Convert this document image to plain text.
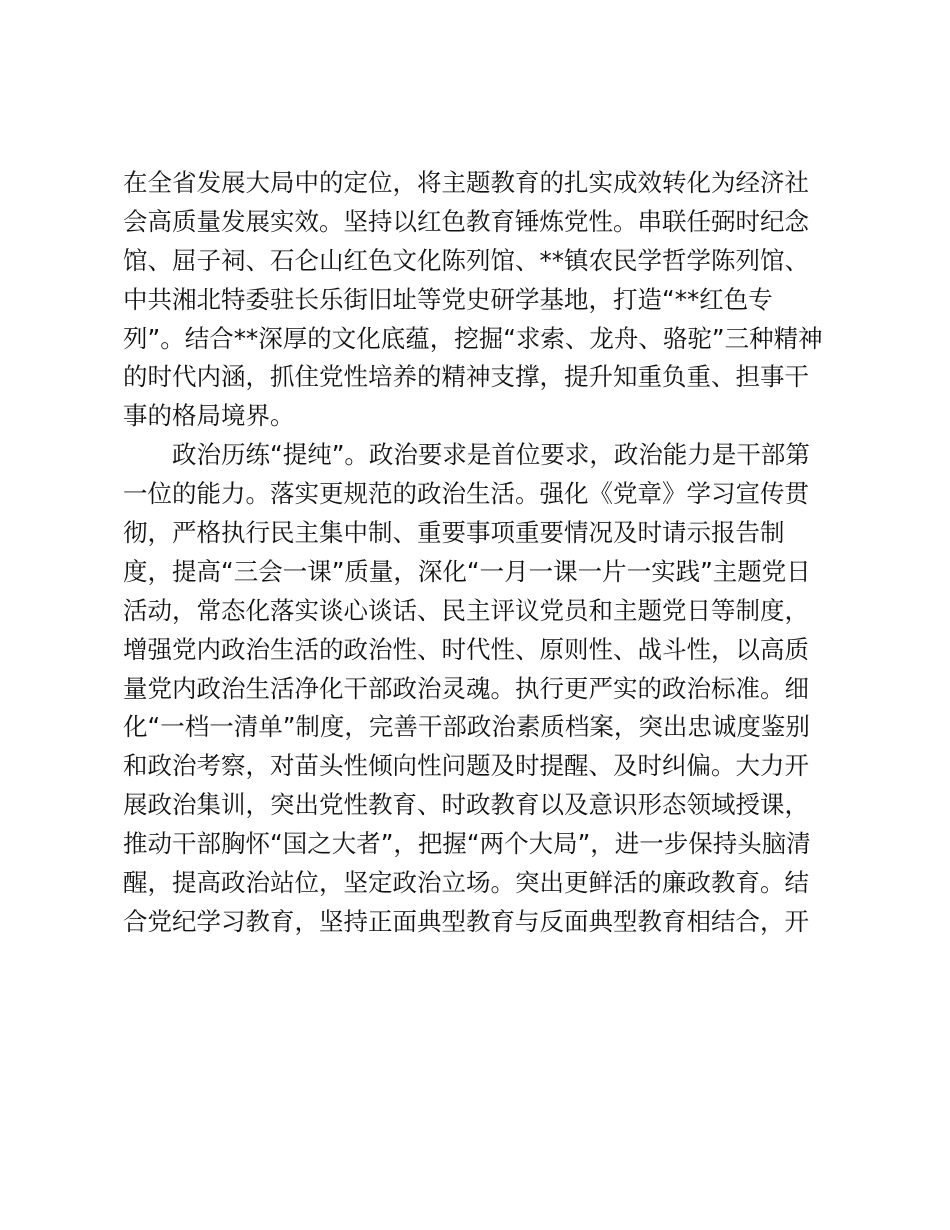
在全省发展大局中的定位，将主题教育的扎实成效转化为经济社
会高质量发展实效。坚持以红色教育锤炼党性。串联任弼时纪念
馆、屈子祠、石仑山红色文化陈列馆、**镇农民学哲学陈列馆、
中共湘北特委驻长乐街旧址等党史研学基地，打造“**红色专
列”。结合**深厚的文化底蕴，挖掘“求索、龙舟、骆驼”三种精神
的时代内涵，抓住党性培养的精神支撑，提升知重负重、担事干
事的格局境界。
政治历练“提纯”。政治要求是首位要求，政治能力是干部第
一位的能力。落实更规范的政治生活。强化《党章》学习宣传贯
彻，严格执行民主集中制、重要事项重要情况及时请示报告制
度，提高“三会一课”质量，深化“一月一课一片一实践”主题党日
活动，常态化落实谈心谈话、民主评议党员和主题党日等制度，
增强党内政治生活的政治性、时代性、原则性、战斗性，以高质
量党内政治生活净化干部政治灵魂。执行更严实的政治标准。细
化“一档一清单”制度，完善干部政治素质档案，突出忠诚度鉴别
和政治考察，对苗头性倾向性问题及时提醒、及时纠偏。大力开
展政治集训，突出党性教育、时政教育以及意识形态领域授课，
推动干部胸怀“国之大者”，把握“两个大局”，进一步保持头脑清
醒，提高政治站位，坚定政治立场。突出更鲜活的廉政教育。结
合党纪学习教育，坚持正面典型教育与反面典型教育相结合，开
